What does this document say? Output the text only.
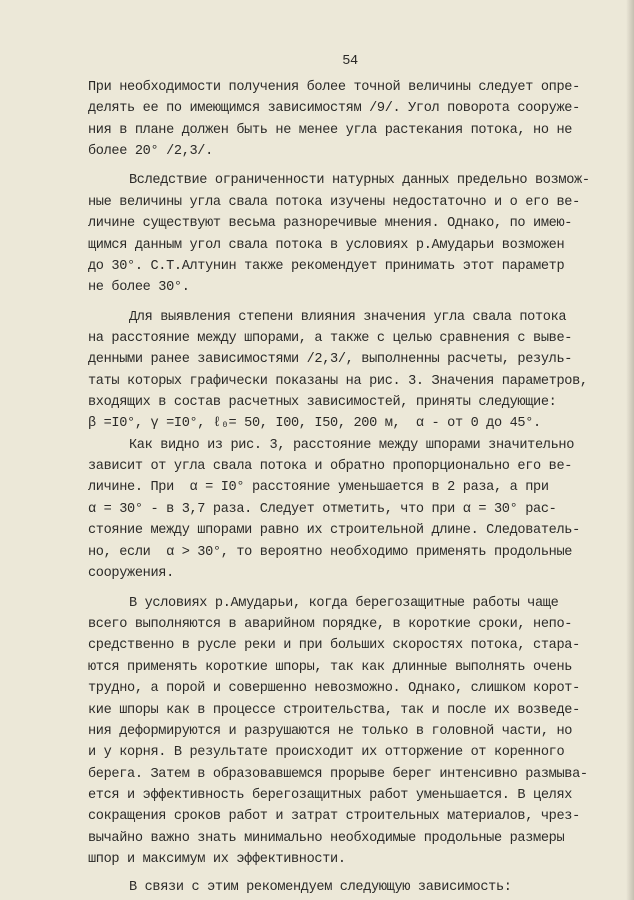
54
При необходимости получения более точной величины следует опре-
делять ее по имеющимся зависимостям /9/. Угол поворота сооруже-
ния в плане должен быть не менее угла растекания потока, но не
более 20° /2,3/.
Вследствие ограниченности натурных данных предельно возмож-
ные величины угла свала потока изучены недостаточно и о его ве-
личине существуют весьма разноречивые мнения. Однако, по имею-
щимся данным угол свала потока в условиях р.Амударьи возможен
до 30°. С.Т.Алтунин также рекомендует принимать этот параметр
не более 30°.
Для выявления степени влияния значения угла свала потока
на расстояние между шпорами, а также с целью сравнения с выве-
денными ранее зависимостями /2,3/, выполненны расчеты, резуль-
таты которых графически показаны на рис. 3. Значения параметров,
входящих в состав расчетных зависимостей, приняты следующие:
β =I0°, γ =I0°, ℓ₀= 50, I00, I50, 200 м,  α - от 0 до 45°.
Как видно из рис. 3, расстояние между шпорами значительно
зависит от угла свала потока и обратно пропорционально его ве-
личине. При  α = I0° расстояние уменьшается в 2 раза, а при
α = 30° - в 3,7 раза. Следует отметить, что при α = 30° рас-
стояние между шпорами равно их строительной длине. Следователь-
но, если  α > 30°, то вероятно необходимо применять продольные
сооружения.
В условиях р.Амударьи, когда берегозащитные работы чаще
всего выполняются в аварийном порядке, в короткие сроки, непо-
средственно в русле реки и при больших скоростях потока, стара-
ются применять короткие шпоры, так как длинные выполнять очень
трудно, а порой и совершенно невозможно. Однако, слишком корот-
кие шпоры как в процессе строительства, так и после их возведе-
ния деформируются и разрушаются не только в головной части, но
и у корня. В результате происходит их отторжение от коренного
берега. Затем в образовавшемся прорыве берег интенсивно размыва-
ется и эффективность берегозащитных работ уменьшается. В целях
сокращения сроков работ и затрат строительных материалов, чрез-
вычайно важно знать минимально необходимые продольные размеры
шпор и максимум их эффективности.
В связи с этим рекомендуем следующую зависимость:
